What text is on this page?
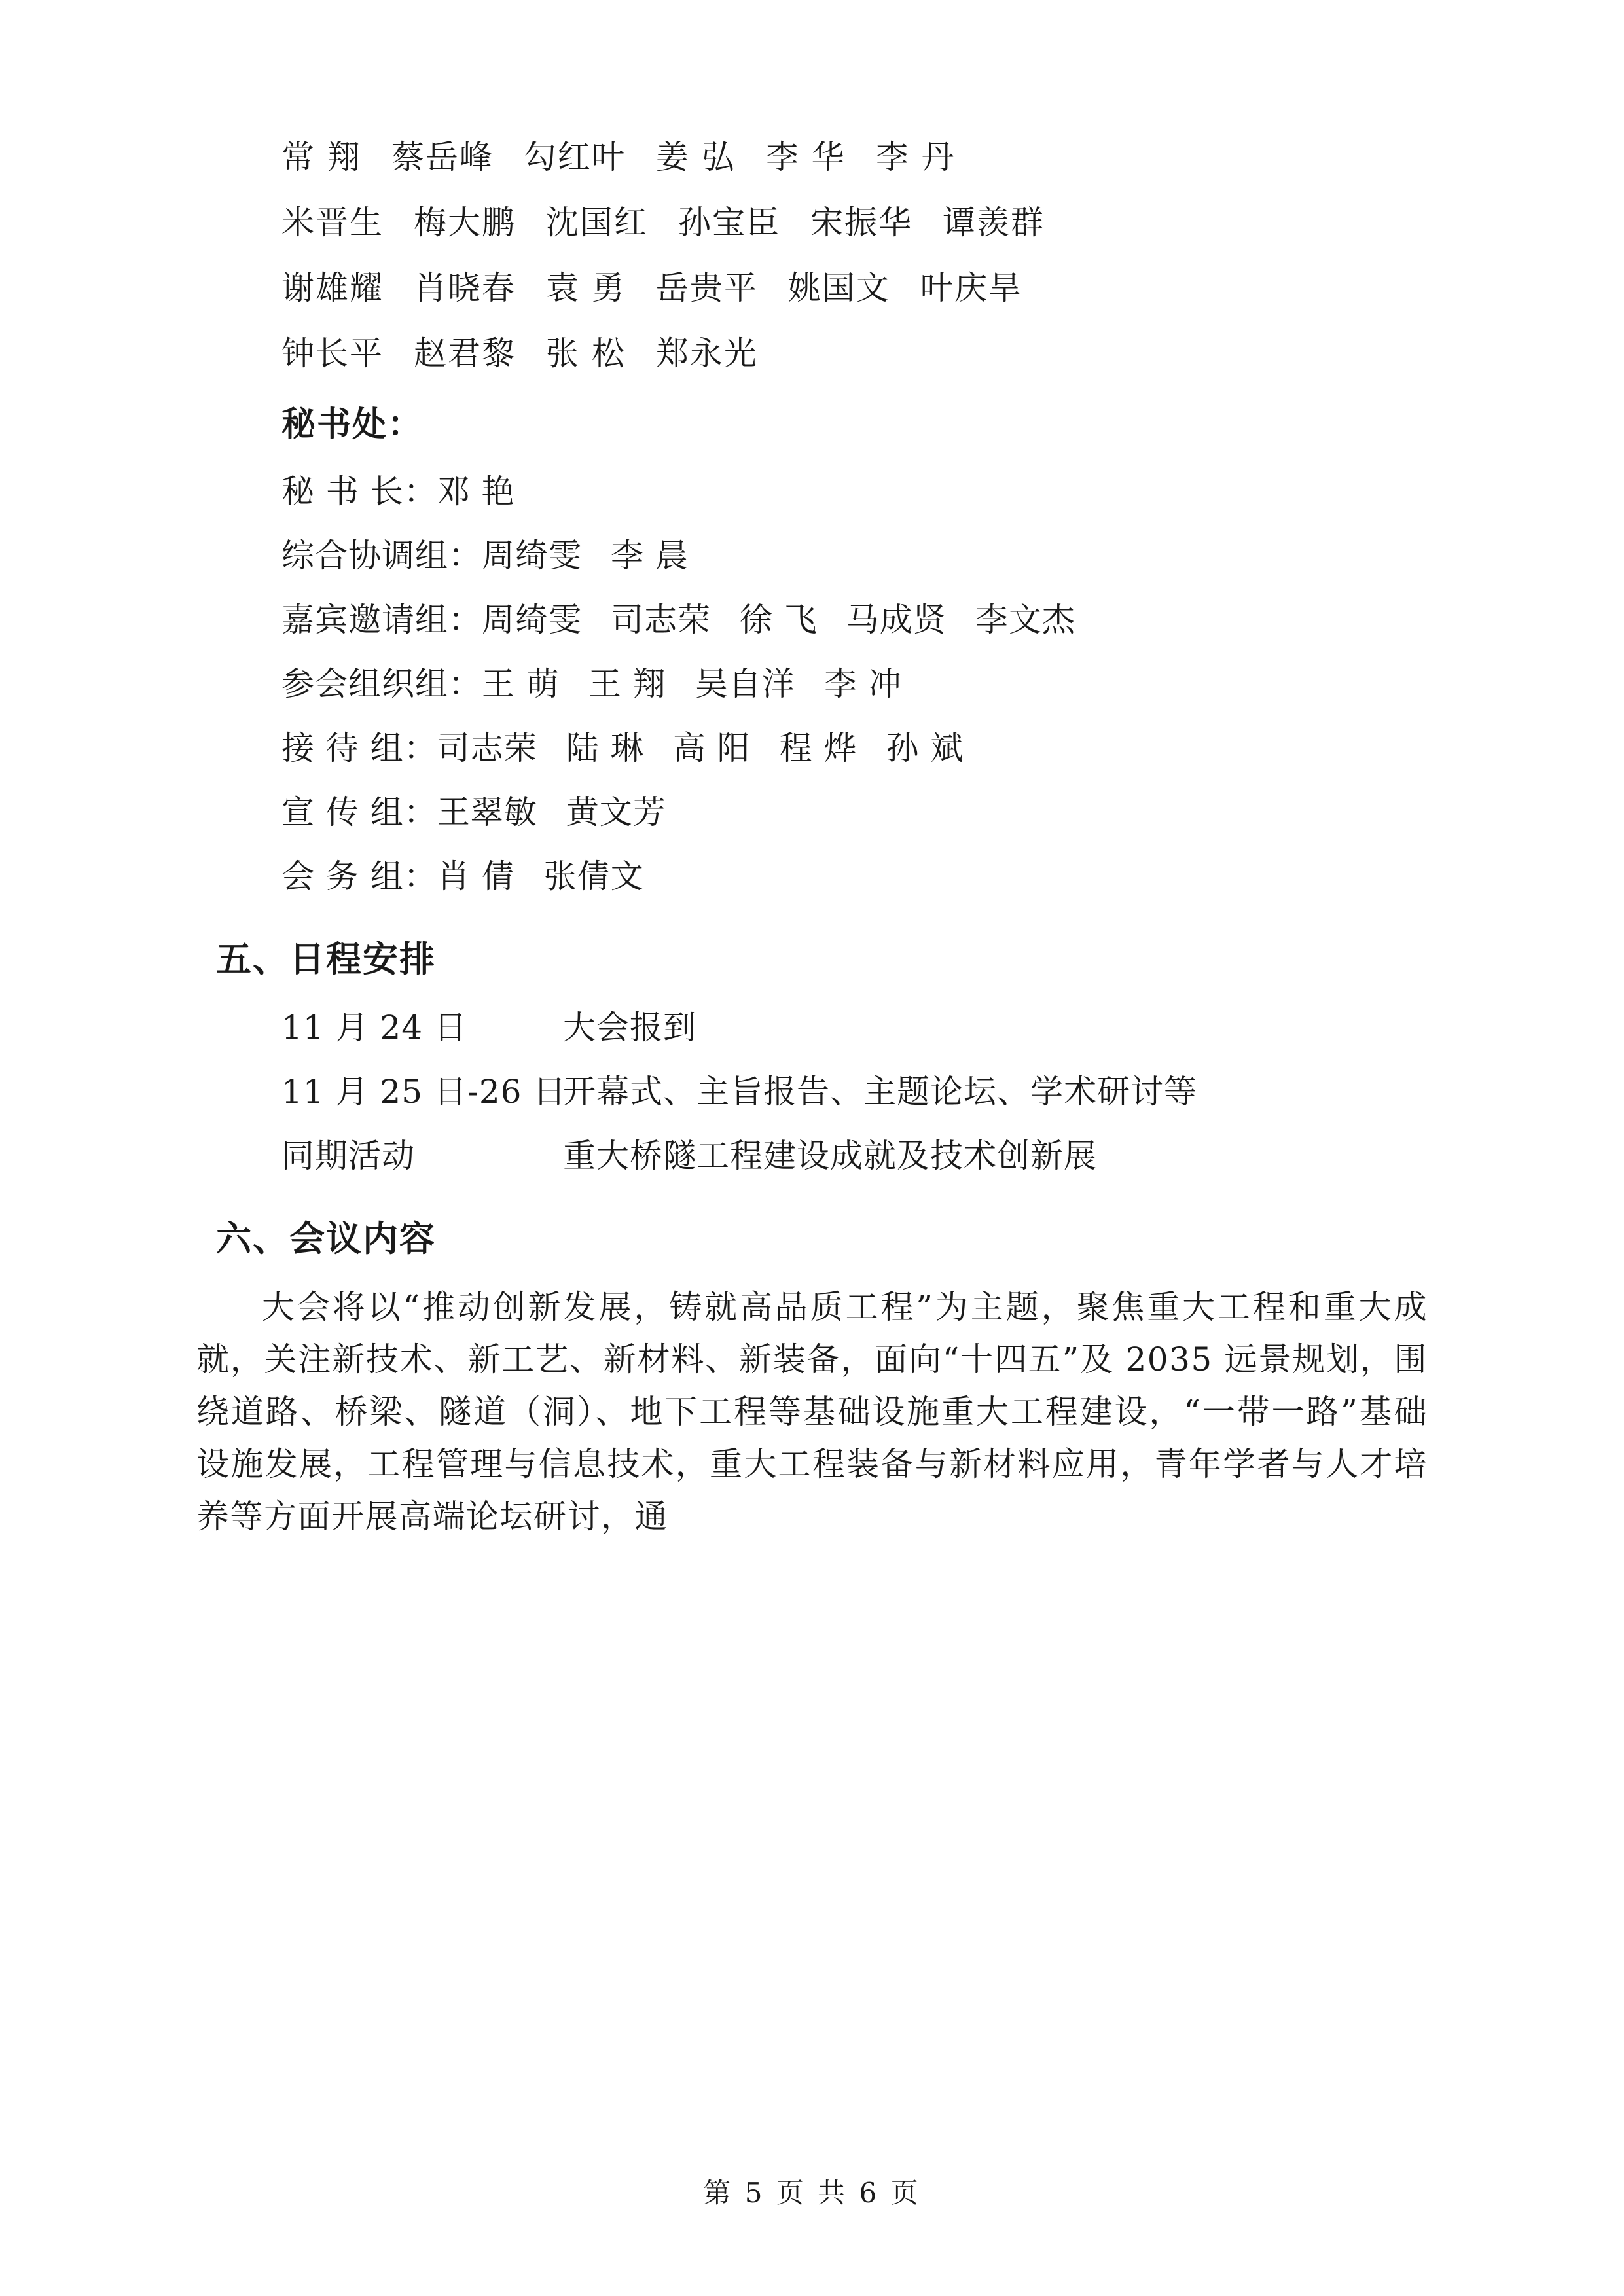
常 翔 蔡岳峰 勾红叶 姜 弘 李 华 李 丹
米晋生 梅大鹏 沈国红 孙宝臣 宋振华 谭羡群
谢雄耀 肖晓春 袁 勇 岳贵平 姚国文 叶庆旱
钟长平 赵君黎 张 松 郑永光
秘书处：
秘 书 长：邓 艳
综合协调组：周绮雯 李 晨
嘉宾邀请组：周绮雯 司志荣 徐 飞 马成贤 李文杰
参会组织组：王 萌 王 翔 吴自洋 李 冲
接 待 组：司志荣 陆 琳 高 阳 程 烨 孙 斌
宣 传 组：王翠敏 黄文芳
会 务 组：肖 倩 张倩文
五、日程安排
11 月 24 日	大会报到
11 月 25 日-26 日开幕式、主旨报告、主题论坛、学术研讨等
同期活动	重大桥隧工程建设成就及技术创新展
六、会议内容

大会将以“推动创新发展，铸就高品质工程”为主题，聚焦重大工程和重大成就，关注新技术、新工艺、新材料、新装备，面向“十四五”及 2035 远景规划，围绕道路、桥梁、隧道（洞）、地下工程等基础设施重大工程建设，“一带一路”基础设施发展，工程管理与信息技术，重大工程装备与新材料应用，青年学者与人才培养等方面开展高端论坛研讨，通

第 5 页 共 6 页
